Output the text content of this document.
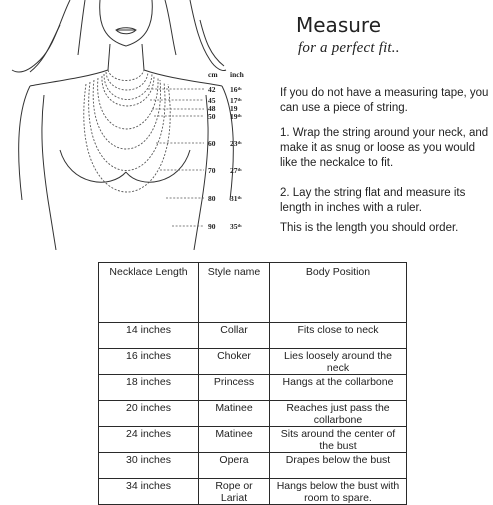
cm inch
42 16ᵗʰ
45 17ᵗʰ
48 19
50 19ᵗʰ
60 23ᵗʰ
70 27ᵗʰ
80 31ᵗʰ
90 35ᵗʰ
Measure
for a perfect fit..
If you do not have a measuring tape, you can use a piece of string.
1. Wrap the string around your neck, and make it as snug or loose as you would like the neckalce to fit.
2. Lay the string flat and measure its length in inches with a ruler.
This is the length you should order.
Necklace Length	Style name	Body Position
14 inches	Collar	Fits close to neck
16 inches	Choker	Lies loosely around the neck
18 inches	Princess	Hangs at the collarbone
20 inches	Matinee	Reaches just pass the collarbone
24 inches	Matinee	Sits around the center of the bust
30 inches	Opera	Drapes below the bust
34 inches	Rope or Lariat	Hangs below the bust with room to spare.
